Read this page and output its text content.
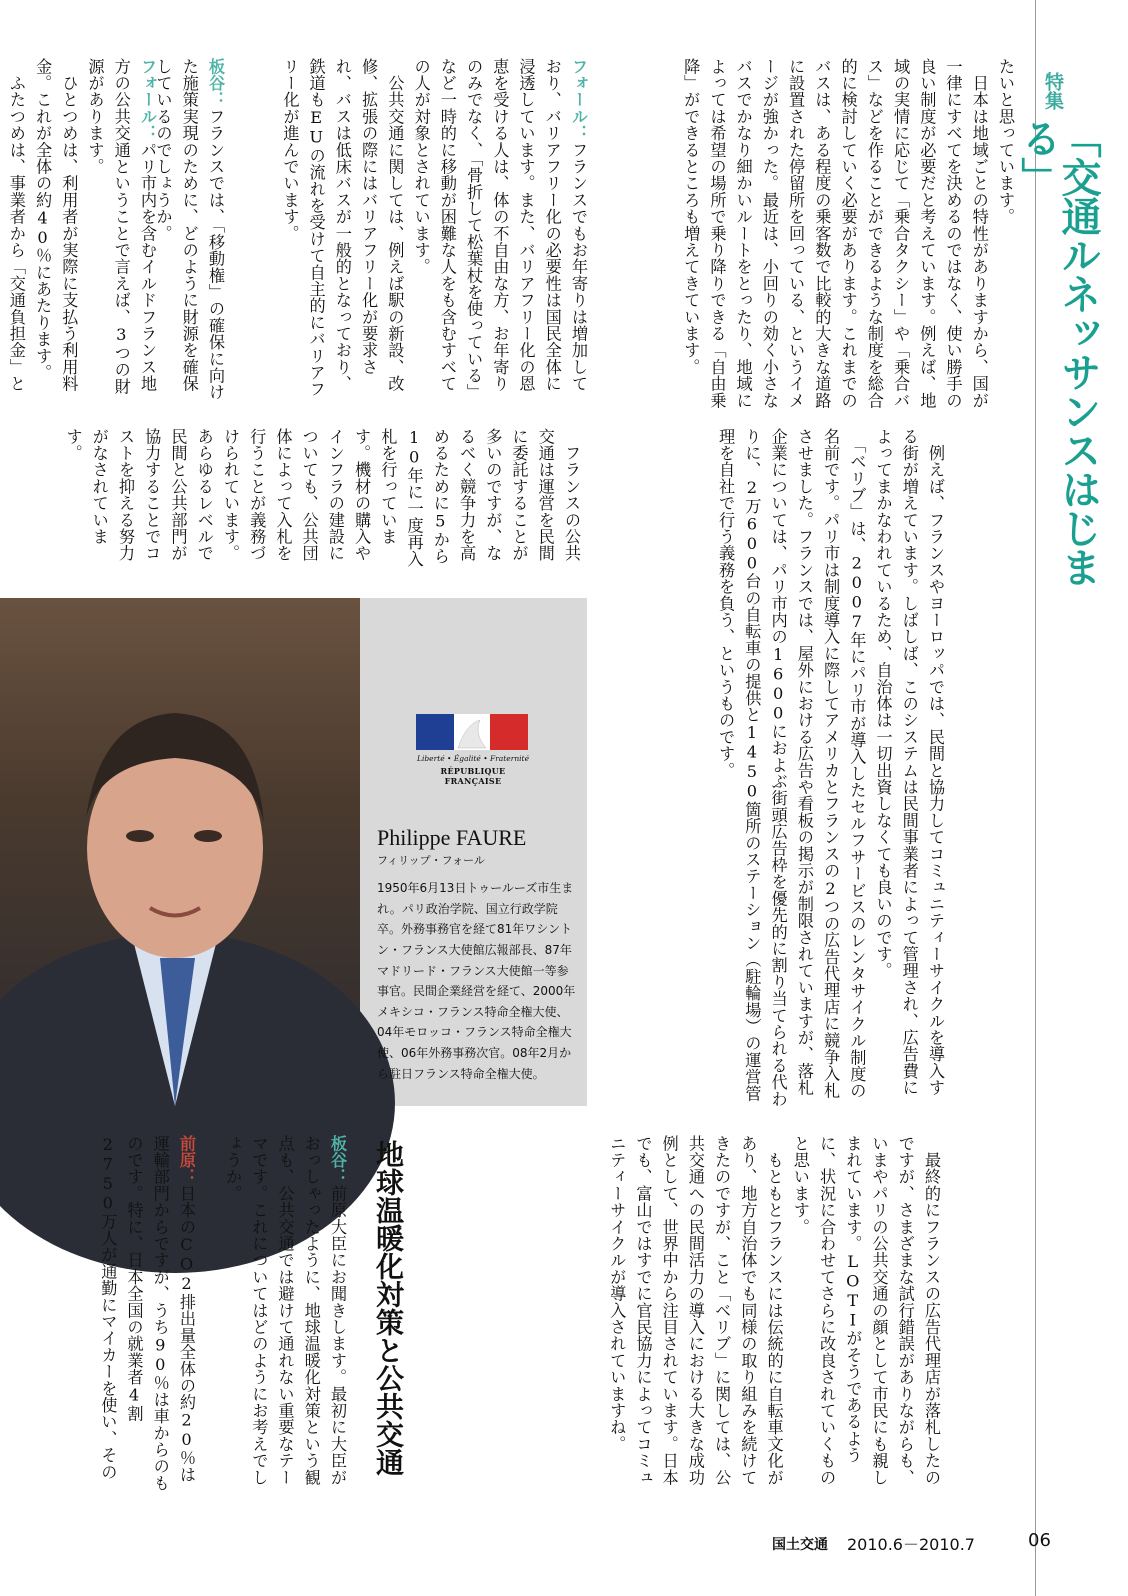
特集
「交通ルネッサンスはじまる」
たいと思っています。
　日本は地域ごとの特性がありますから、国が一律にすべてを決めるのではなく、使い勝手の良い制度が必要だと考えています。例えば、地域の実情に応じて「乗合タクシー」や「乗合バス」などを作ることができるような制度を総合的に検討していく必要があります。これまでのバスは、ある程度の乗客数で比較的大きな道路に設置された停留所を回っている、というイメージが強かった。最近は、小回りの効く小さなバスでかなり細かいルートをとったり、地域によっては希望の場所で乗り降りできる「自由乗降」ができるところも増えてきています。
フォール：フランスでもお年寄りは増加しており、バリアフリー化の必要性は国民全体に浸透しています。また、バリアフリー化の恩恵を受ける人は、体の不自由な方、お年寄りのみでなく、「骨折して松葉杖を使っている」など一時的に移動が困難な人をも含むすべての人が対象とされています。
　公共交通に関しては、例えば駅の新設、改修、拡張の際にはバリアフリー化が要求され、バスは低床バスが一般的となっており、鉄道もEUの流れを受けて自主的にバリアフリー化が進んでいます。
板谷：フランスでは、「移動権」の確保に向けた施策実現のために、どのように財源を確保しているのでしょうか。
フォール：パリ市内を含むイルドフランス地方の公共交通ということで言えば、3つの財源があります。
　ひとつめは、利用者が実際に支払う利用料金。これが全体の約40％にあたります。
　ふたつめは、事業者から「交通負担金」と

　フランスの公共交通は運営を民間に委託することが多いのですが、なるべく競争力を高めるために5から10年に一度再入札を行っています。機材の購入やインフラの建設についても、公共団体によって入札を行うことが義務づけられています。あらゆるレベルで民間と公共部門が協力することでコストを抑える努力がなされています。	　例えば、フランスやヨーロッパでは、民間と協力してコミュニティーサイクルを導入する街が増えています。しばしば、このシステムは民間事業者によって管理され、広告費によってまかなわれているため、自治体は一切出資しなくても良いのです。
　「ベリブ」は、2007年にパリ市が導入したセルフサービスのレンタサイクル制度の名前です。パリ市は制度導入に際してアメリカとフランスの2つの広告代理店に競争入札させました。フランスでは、屋外における広告や看板の掲示が制限されていますが、落札企業については、パリ市内の1600におよぶ街頭広告枠を優先的に割り当てられる代わりに、2万600台の自転車の提供と1450箇所のステーション（駐輪場）の運営管理を自社で行う義務を負う、というものです。
Liberté • Égalité • Fraternité
RÉPUBLIQUE FRANÇAISE
Philippe FAURE
フィリップ・フォール
1950年6月13日トゥールーズ市生まれ。パリ政治学院、国立行政学院卒。外務事務官を経て81年ワシントン・フランス大使館広報部長、87年マドリード・フランス大使館一等参事官。民間企業経営を経て、2000年メキシコ・フランス特命全権大使、04年モロッコ・フランス特命全権大使、06年外務事務次官。08年2月から駐日フランス特命全権大使。
　最終的にフランスの広告代理店が落札したのですが、さまざまな試行錯誤がありながらも、いまやパリの公共交通の顔として市民にも親しまれています。LOTIがそうであるように、状況に合わせてさらに改良されていくものと思います。
　もともとフランスには伝統的に自転車文化があり、地方自治体でも同様の取り組みを続けてきたのですが、こと「ベリブ」に関しては、公共交通への民間活力の導入における大きな成功例として、世界中から注目されています。日本でも、富山ではすでに官民協力によってコミュニティーサイクルが導入されていますね。
地球温暖化対策と公共交通
板谷：前原大臣にお聞きします。最初に大臣がおっしゃったように、地球温暖化対策という観点も、公共交通では避けて通れない重要なテーマです。これについてはどのようにお考えでしょうか。
前原：日本のCO2排出量全体の約20％は運輸部門からですが、うち90％は車からのものです。特に、日本全国の就業者4割2750万人が通勤にマイカーを使い、その
国土交通 2010.6－2010.7	06
